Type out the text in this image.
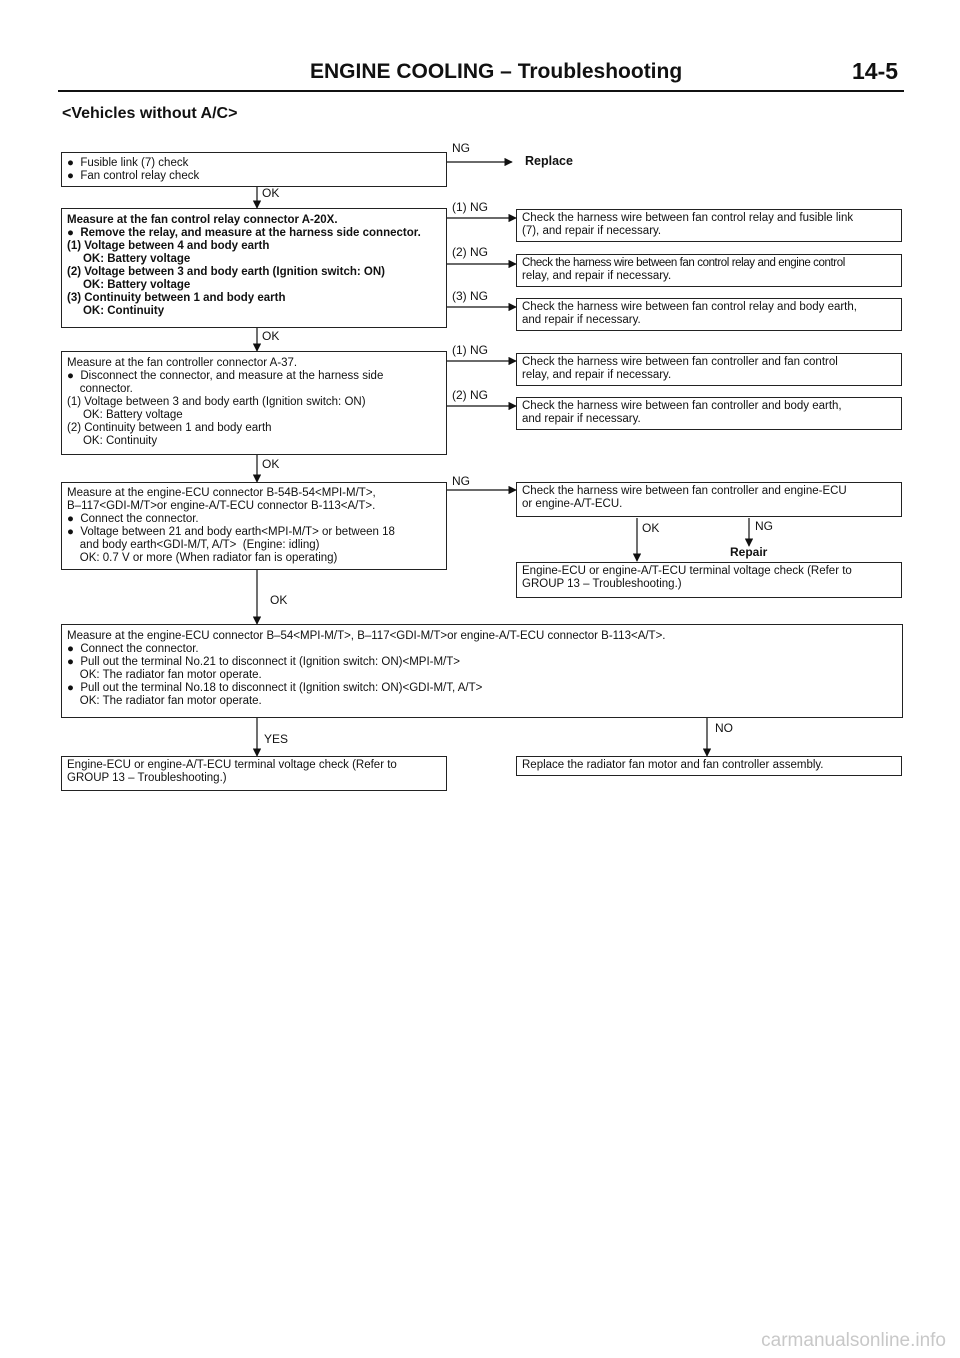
ENGINE COOLING – Troubleshooting	14-5
<Vehicles without A/C>
●  Fusible link (7) check
●  Fan control relay check
Measure at the fan control relay connector A-20X.
●  Remove the relay, and measure at the harness side connector.
(1) Voltage between 4 and body earth
OK: Battery voltage
(2) Voltage between 3 and body earth (Ignition switch: ON)
OK: Battery voltage
(3) Continuity between 1 and body earth
OK: Continuity
Measure at the fan controller connector A-37.
●  Disconnect the connector, and measure at the harness side
connector.
(1) Voltage between 3 and body earth (Ignition switch: ON)
OK: Battery voltage
(2) Continuity between 1 and body earth
OK: Continuity
Measure at the engine-ECU connector B-54B-54<MPI-M/T>,
B–117<GDI-M/T>or engine-A/T-ECU connector B-113<A/T>.
●  Connect the connector.
●  Voltage between 21 and body earth<MPI-M/T> or between 18
and body earth<GDI-M/T, A/T>  (Engine: idling)
OK: 0.7 V or more (When radiator fan is operating)
Measure at the engine-ECU connector B–54<MPI-M/T>, B–117<GDI-M/T>or engine-A/T-ECU connector B-113<A/T>.
●  Connect the connector.
●  Pull out the terminal No.21 to disconnect it (Ignition switch: ON)<MPI-M/T>
OK: The radiator fan motor operate.
●  Pull out the terminal No.18 to disconnect it (Ignition switch: ON)<GDI-M/T, A/T>
OK: The radiator fan motor operate.
Replace
Check the harness wire between fan control relay and fusible link
(7), and repair if necessary.
Check the harness wire between fan control relay and engine control
relay, and repair if necessary.
Check the harness wire between fan control relay and body earth,
and repair if necessary.
Check the harness wire between fan controller and fan control
relay, and repair if necessary.
Check the harness wire between fan controller and body earth,
and repair if necessary.
Check the harness wire between fan controller and engine-ECU
or engine-A/T-ECU.
Repair
Engine-ECU or engine-A/T-ECU terminal voltage check (Refer to
GROUP 13 – Troubleshooting.)
Engine-ECU or engine-A/T-ECU terminal voltage check (Refer to
GROUP 13 – Troubleshooting.)
Replace the radiator fan motor and fan controller assembly.
NG
OK
(1) NG
(2) NG
(3) NG
OK
(1) NG
(2) NG
OK
NG
OK	NG
OK
YES
NO
carmanualsonline.info
